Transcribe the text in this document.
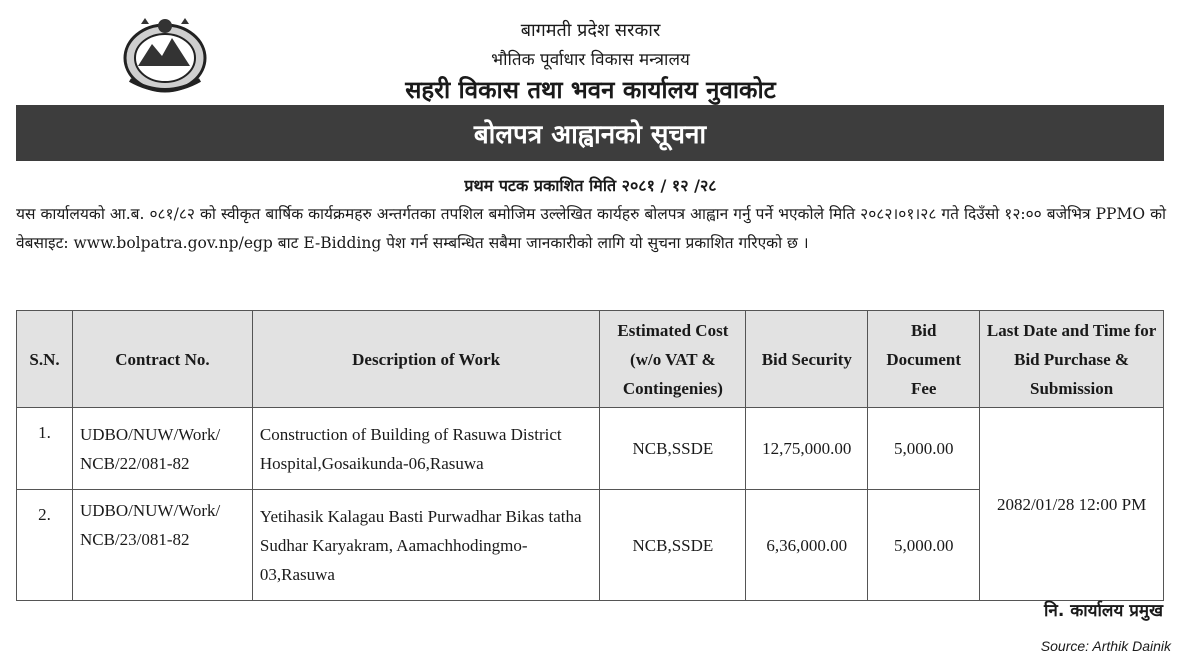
बागमती प्रदेश सरकार
भौतिक पूर्वाधार विकास मन्त्रालय
सहरी विकास तथा भवन कार्यालय नुवाकोट
बोलपत्र आह्वानको सूचना
प्रथम पटक प्रकाशित मिति २०८१ / १२ /२८
यस कार्यालयको आ.ब. ०८१/८२ को स्वीकृत बार्षिक कार्यक्रमहरु अन्तर्गतका तपशिल बमोजिम उल्लेखित कार्यहरु बोलपत्र आह्वान गर्नु पर्ने भएकोले मिति २०८२।०१।२८ गते दिउँसो १२:०० बजेभित्र PPMO को वेबसाइट: www.bolpatra.gov.np/egp बाट E-Bidding पेश गर्न सम्बन्धित सबैमा जानकारीको लागि यो सुचना प्रकाशित गरिएको छ ।
S.N.	Contract No.	Description of Work	Estimated Cost (w/o VAT & Contingenies)	Bid Security	Bid Document Fee	Last Date and Time for Bid Purchase & Submission
1.	UDBO/NUW/Work/ NCB/22/081-82	Construction of Building of Rasuwa District Hospital,Gosaikunda-06,Rasuwa	NCB,SSDE	12,75,000.00	5,000.00	2082/01/28 12:00 PM
2.	UDBO/NUW/Work/ NCB/23/081-82	Yetihasik Kalagau Basti Purwadhar Bikas tatha Sudhar Karyakram, Aamachhodingmo-03,Rasuwa	NCB,SSDE	6,36,000.00	5,000.00	
नि. कार्यालय प्रमुख
Source: Arthik Dainik
